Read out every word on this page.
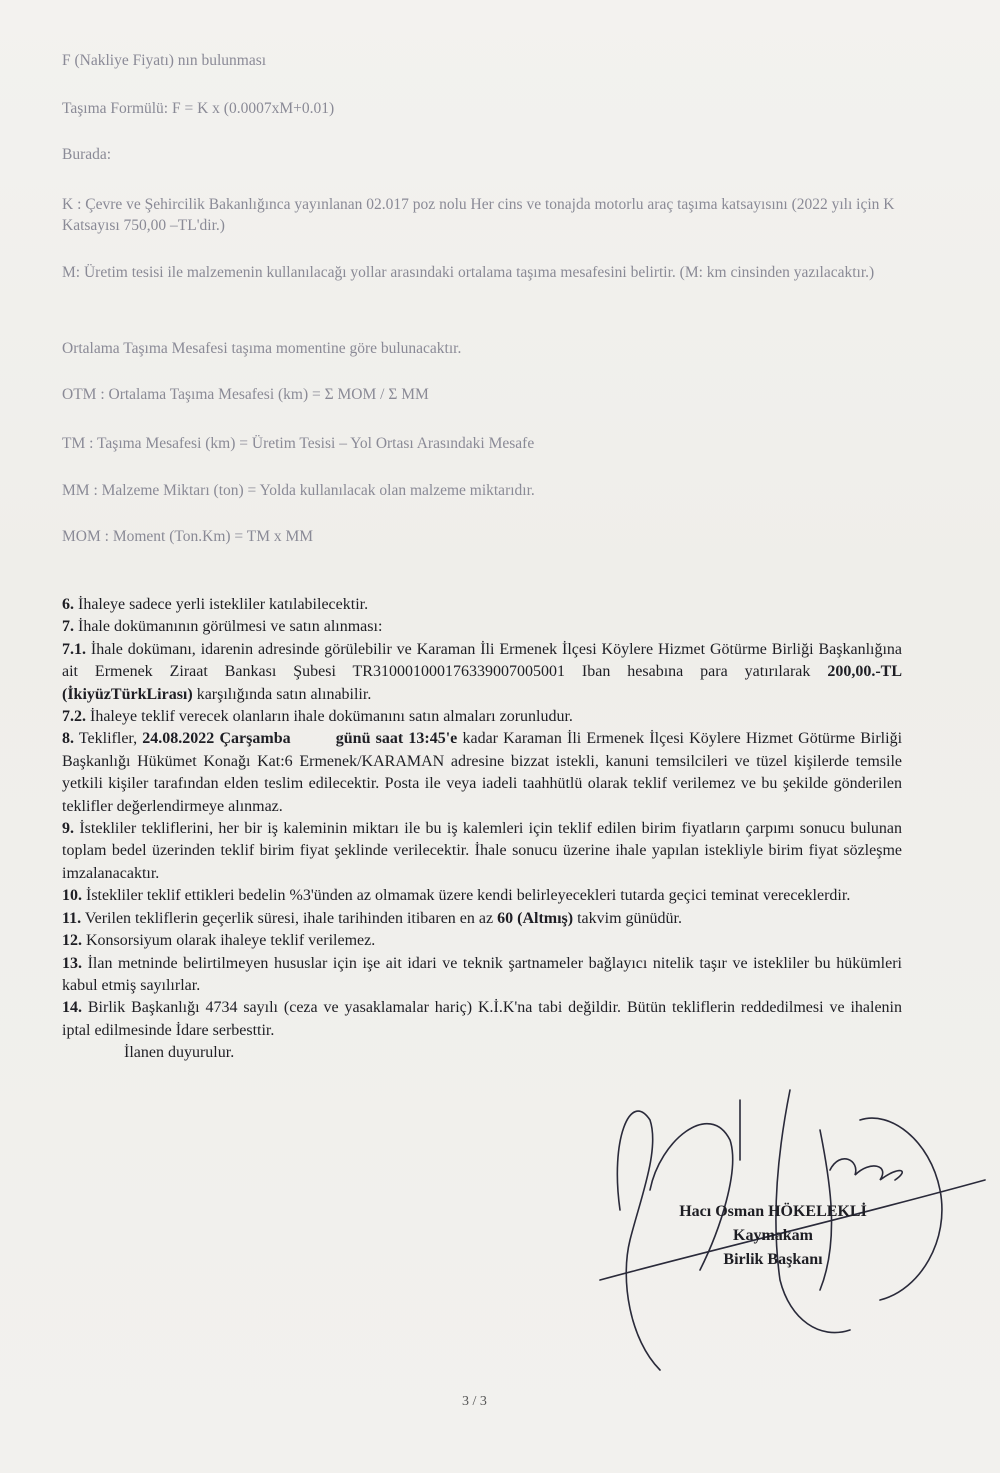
F (Nakliye Fiyatı) nın bulunması

Taşıma Formülü: F = K x (0.0007xM+0.01)

Burada:

K : Çevre ve Şehircilik Bakanlığınca yayınlanan 02.017 poz nolu Her cins ve tonajda motorlu araç taşıma katsayısını (2022 yılı için K Katsayısı 750,00 –TL'dir.)

M: Üretim tesisi ile malzemenin kullanılacağı yollar arasındaki ortalama taşıma mesafesini belirtir. (M: km cinsinden yazılacaktır.)

Ortalama Taşıma Mesafesi taşıma momentine göre bulunacaktır.

OTM : Ortalama Taşıma Mesafesi (km) = Σ MOM / Σ MM

TM : Taşıma Mesafesi (km) = Üretim Tesisi – Yol Ortası Arasındaki Mesafe

MM : Malzeme Miktarı (ton) = Yolda kullanılacak olan malzeme miktarıdır.

MOM : Moment (Ton.Km) = TM x MM

6. İhaleye sadece yerli istekliler katılabilecektir.

7. İhale dokümanının görülmesi ve satın alınması:

7.1. İhale dokümanı, idarenin adresinde görülebilir ve Karaman İli Ermenek İlçesi Köylere Hizmet Götürme Birliği Başkanlığına ait Ermenek Ziraat Bankası Şubesi TR310001000176339007005001 Iban hesabına para yatırılarak 200,00.-TL (İkiyüzTürkLirası) karşılığında satın alınabilir.

7.2. İhaleye teklif verecek olanların ihale dokümanını satın almaları zorunludur.

8. Teklifler, 24.08.2022 Çarşamba	günü saat 13:45'e kadar Karaman İli Ermenek İlçesi Köylere Hizmet Götürme Birliği Başkanlığı Hükümet Konağı Kat:6 Ermenek/KARAMAN adresine bizzat istekli, kanuni temsilcileri ve tüzel kişilerde temsile yetkili kişiler tarafından elden teslim edilecektir. Posta ile veya iadeli taahhütlü olarak teklif verilemez ve bu şekilde gönderilen teklifler değerlendirmeye alınmaz.

9. İstekliler tekliflerini, her bir iş kaleminin miktarı ile bu iş kalemleri için teklif edilen birim fiyatların çarpımı sonucu bulunan toplam bedel üzerinden teklif birim fiyat şeklinde verilecektir. İhale sonucu üzerine ihale yapılan istekliyle birim fiyat sözleşme imzalanacaktır.

10. İstekliler teklif ettikleri bedelin %3'ünden az olmamak üzere kendi belirleyecekleri tutarda geçici teminat vereceklerdir.

11. Verilen tekliflerin geçerlik süresi, ihale tarihinden itibaren en az 60 (Altmış) takvim günüdür.

12. Konsorsiyum olarak ihaleye teklif verilemez.

13. İlan metninde belirtilmeyen hususlar için işe ait idari ve teknik şartnameler bağlayıcı nitelik taşır ve istekliler bu hükümleri kabul etmiş sayılırlar.

14. Birlik Başkanlığı 4734 sayılı (ceza ve yasaklamalar hariç) K.İ.K'na tabi değildir. Bütün tekliflerin reddedilmesi ve ihalenin iptal edilmesinde İdare serbesttir.

İlanen duyurulur.

Hacı Osman HÖKELEKLİ
Kaymakam
Birlik Başkanı
3 / 3
